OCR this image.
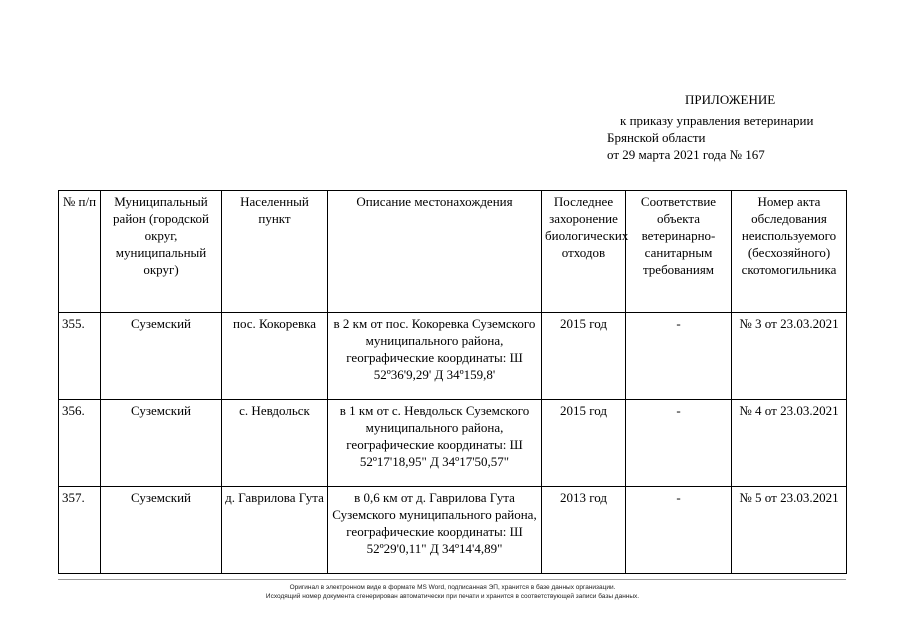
ПРИЛОЖЕНИЕ
к приказу управления ветеринарии
Брянской области
от 29 марта 2021 года № 167
№ п/п	Муниципальный район (городской округ, муниципальный округ)	Населенный пункт	Описание местонахождения	Последнее захоронение биологических отходов	Соответствие объекта ветеринарно-санитарным требованиям	Номер акта обследования неиспользуемого (бесхозяйного) скотомогильника
355.	Суземский	пос. Кокоревка	в 2 км от пос. Кокоревка Суземского муниципального района, географические координаты: Ш 52º36'9,29' Д 34º159,8'	2015 год	-	№ 3 от 23.03.2021
356.	Суземский	с. Невдольск	в 1 км от с. Невдольск Суземского муниципального района, географические координаты: Ш 52º17'18,95" Д 34º17'50,57"	2015 год	-	№ 4 от 23.03.2021
357.	Суземский	д. Гаврилова Гута	в 0,6 км от д. Гаврилова Гута Суземского муниципального района, географические координаты: Ш 52º29'0,11" Д 34º14'4,89"	2013 год	-	№ 5 от 23.03.2021
Оригинал в электронном виде в формате MS Word, подписанная ЭП, хранится в базе данных организации.
Исходящий номер документа сгенерирован автоматически при печати и хранится в соответствующей записи базы данных.
